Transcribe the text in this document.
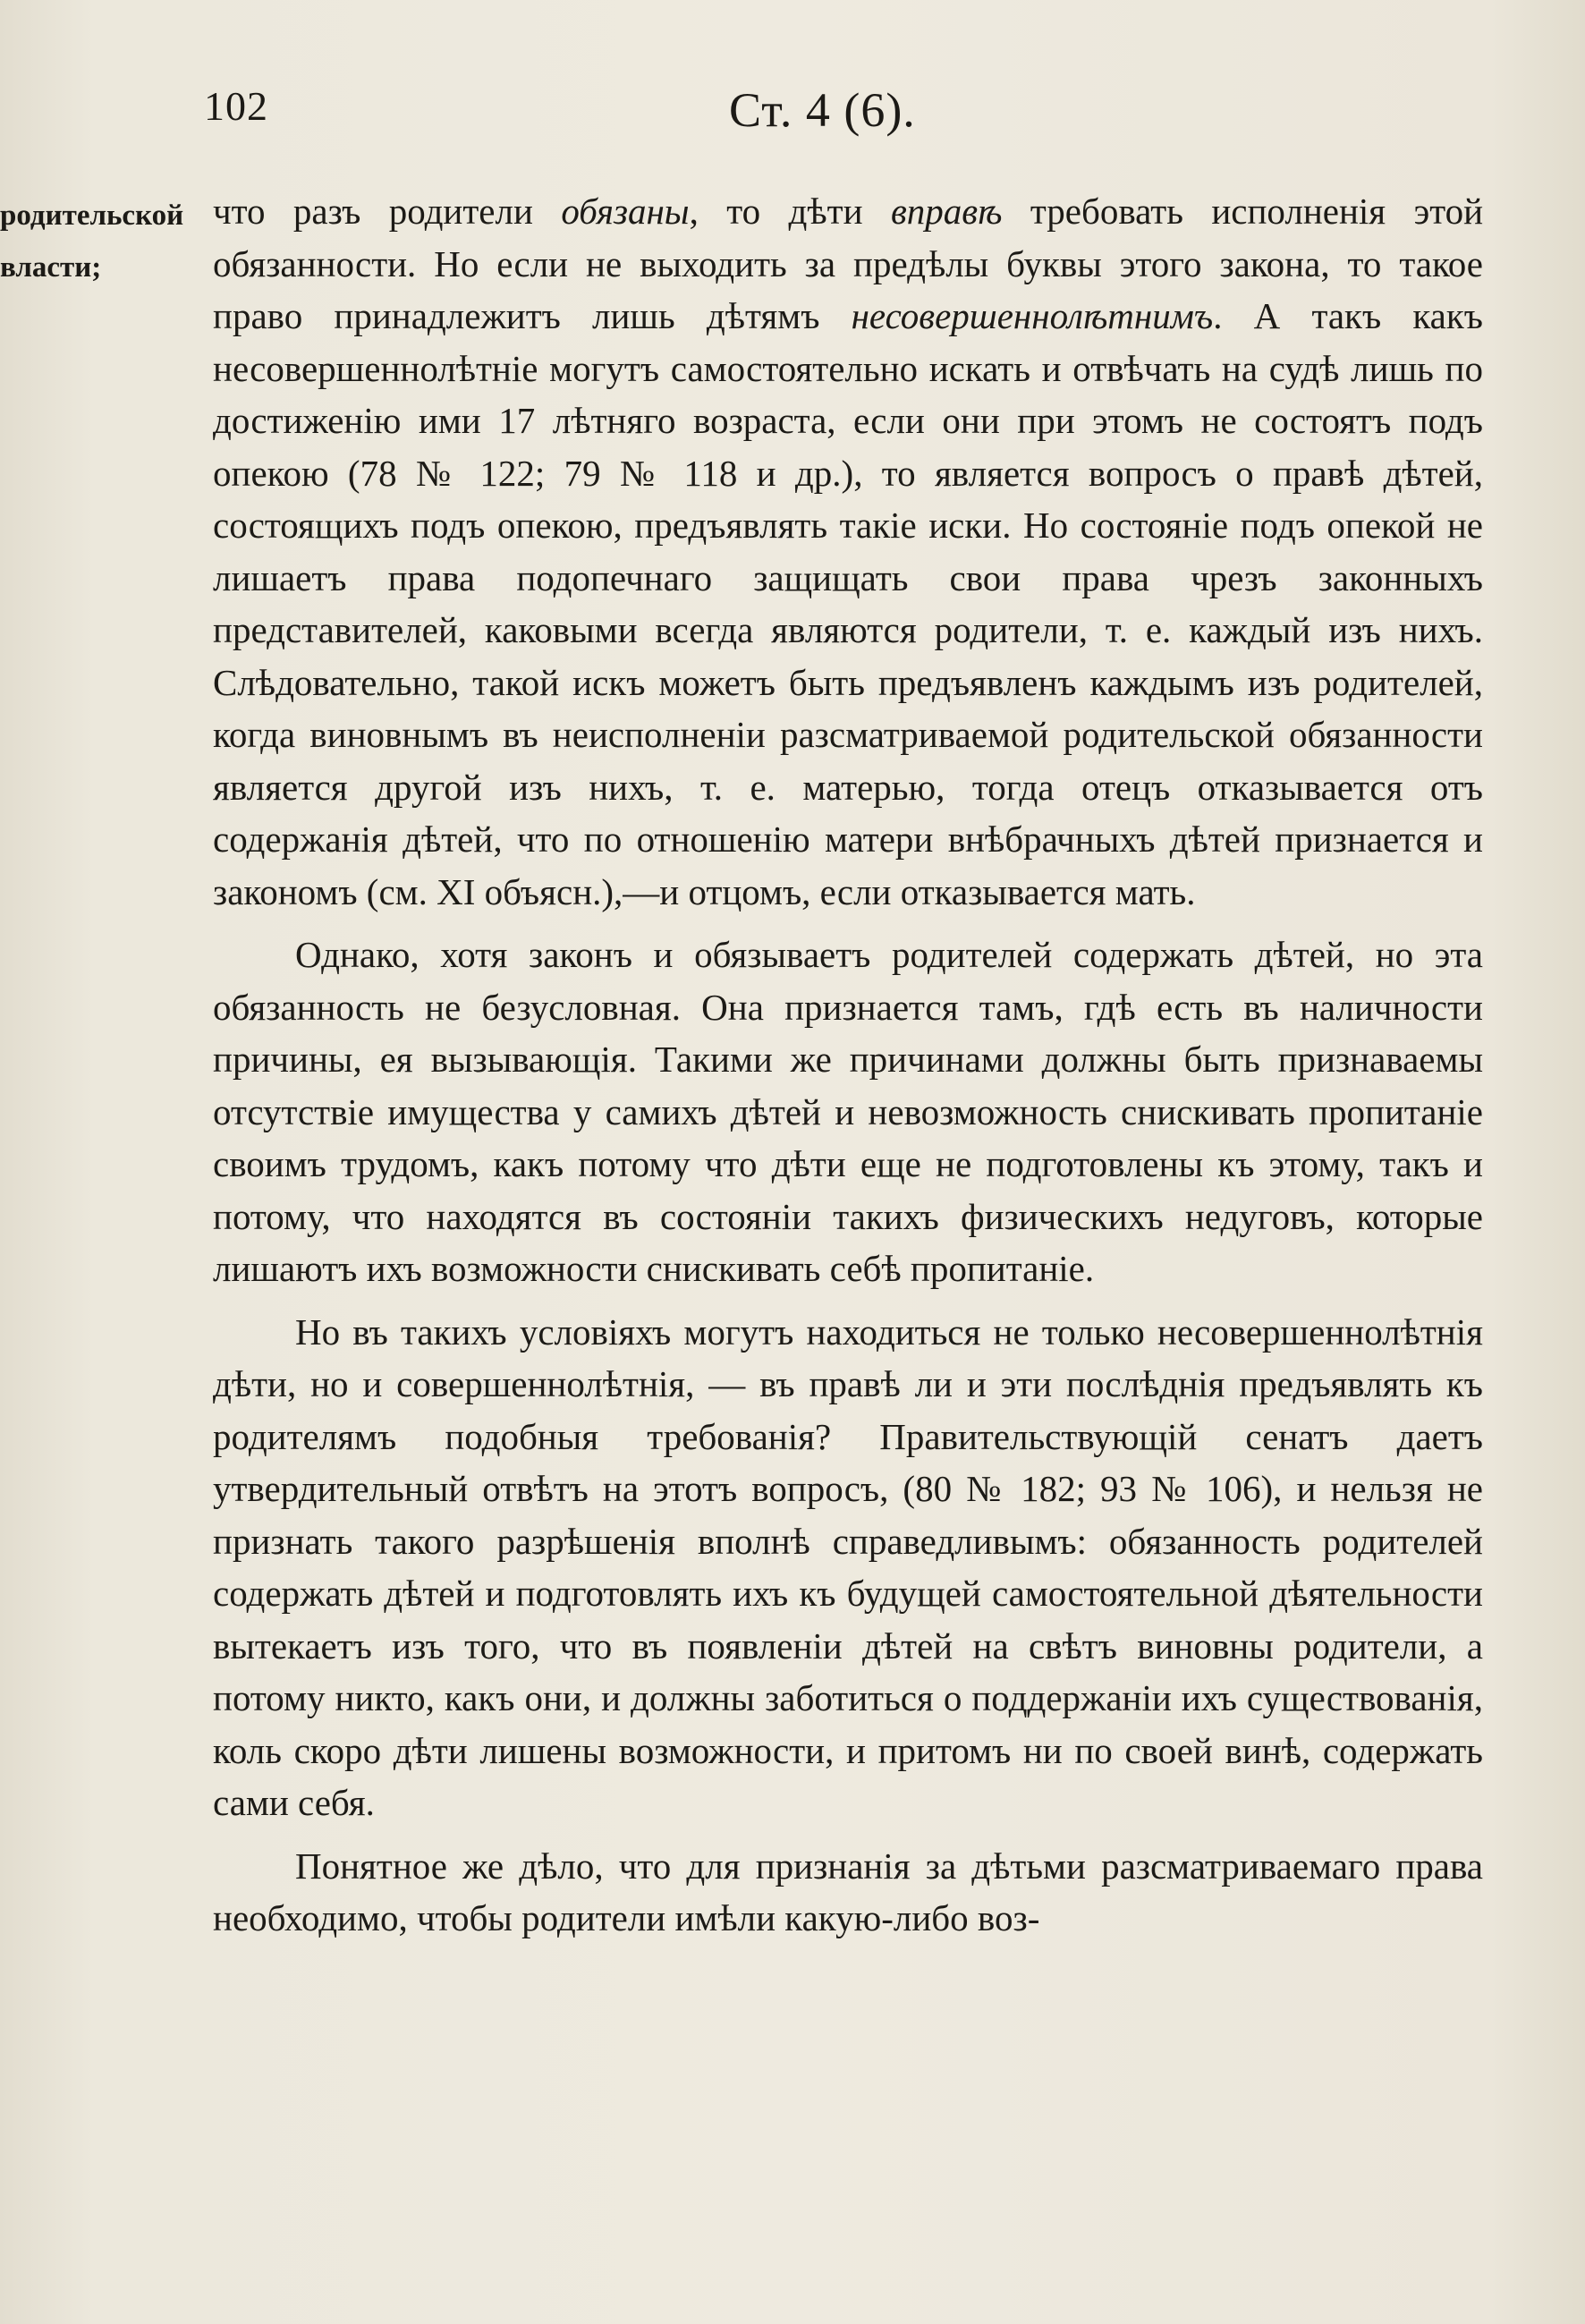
102	Ст. 4 (6).
родительской
власти;

что разъ родители обязаны, то дѣти вправѣ требовать исполненія этой обязанности. Но если не выходить за предѣлы буквы этого закона, то такое право принадлежитъ лишь дѣтямъ несовершеннолѣтнимъ. А такъ какъ несовершеннолѣтніе могутъ самостоятельно искать и отвѣчать на судѣ лишь по достиженію ими 17 лѣтняго возраста, если они при этомъ не состоятъ подъ опекою (78 № 122; 79 № 118 и др.), то является вопросъ о правѣ дѣтей, состоящихъ подъ опекою, предъявлять такіе иски. Но состояніе подъ опекой не лишаетъ права подопечнаго защищать свои права чрезъ законныхъ представителей, каковыми всегда являются родители, т. е. каждый изъ нихъ. Слѣдовательно, такой искъ можетъ быть предъявленъ каждымъ изъ родителей, когда виновнымъ въ неисполненіи разсматриваемой родительской обязанности является другой изъ нихъ, т. е. матерью, тогда отецъ отказывается отъ содержанія дѣтей, что по отношенію матери внѣбрачныхъ дѣтей признается и закономъ (см. XI объясн.),—и отцомъ, если отказывается мать.

Однако, хотя законъ и обязываетъ родителей содержать дѣтей, но эта обязанность не безусловная. Она признается тамъ, гдѣ есть въ наличности причины, ея вызывающія. Такими же причинами должны быть признаваемы отсутствіе имущества у самихъ дѣтей и невозможность снискивать пропитаніе своимъ трудомъ, какъ потому что дѣти еще не подготовлены къ этому, такъ и потому, что находятся въ состояніи такихъ физическихъ недуговъ, которые лишаютъ ихъ возможности снискивать себѣ пропитаніе.

Но въ такихъ условіяхъ могутъ находиться не только несовершеннолѣтнія дѣти, но и совершеннолѣтнія, — въ правѣ ли и эти послѣднія предъявлять къ родителямъ подобныя требованія? Правительствующій сенатъ даетъ утвердительный отвѣтъ на этотъ вопросъ, (80 № 182; 93 № 106), и нельзя не признать такого разрѣшенія вполнѣ справедливымъ: обязанность родителей содержать дѣтей и подготовлять ихъ къ будущей самостоятельной дѣятельности вытекаетъ изъ того, что въ появленіи дѣтей на свѣтъ виновны родители, а потому никто, какъ они, и должны заботиться о поддержаніи ихъ существованія, коль скоро дѣти лишены возможности, и притомъ ни по своей винѣ, содержать сами себя.

Понятное же дѣло, что для признанія за дѣтьми разсматриваемаго права необходимо, чтобы родители имѣли какую-либо воз-
